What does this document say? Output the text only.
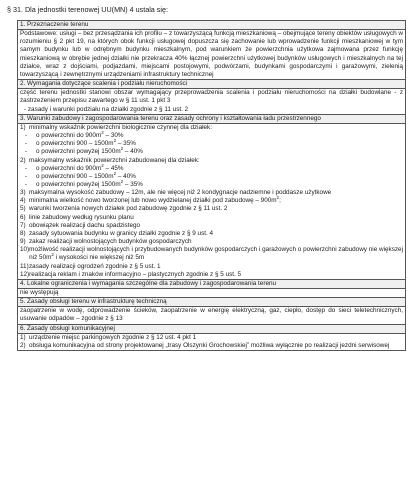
§ 31. Dla jednostki terenowej UU(MN) 4 ustala się:
1. Przeznaczenie terenu
Podstawowe: usługi – bez przesądzania ich profilu – z towarzyszącą funkcją mieszkaniową – obejmujące tereny obiektów usługowych w rozumieniu § 2 pkt 19, na których obok funkcji usługowej dopuszcza się zachowanie lub wprowadzenie funkcji mieszkaniowej w tym samym budynku lub w odrębnym budynku mieszkalnym, pod warunkiem że powierzchnia użytkowa zajmowana przez funkcję mieszkaniową w obrębie jednej działki nie przekracza 40% łącznej powierzchni użytkowej budynków usługowych i mieszkalnych na tej działce, wraz z dojściami, podjazdami, miejscami postojowymi, podwórzami, budynkami gospodarczymi i garażowymi, zielenią towarzyszącą i zewnętrznymi urządzeniami infrastruktury technicznej
2. Wymagania dotyczące scalenia i podziału nieruchomości

część terenu jednostki stanowi obszar wymagający przeprowadzenia scalenia i podziału nieruchomości na działki budowlane - z zastrzeżeniem przepisu zawartego w § 11 ust. 1 pkt 3
- zasady i warunki podziału na działki zgodnie z § 11 ust. 2

3. Warunki zabudowy i zagospodarowania terenu oraz zasady ochrony i kształtowania ładu przestrzennego

1) minimalny wskaźnik powierzchni biologicznie czynnej dla działek:
-	o powierzchni do $900m^2 - 30\%$
-	o powierzchni $900 - 1500m^2 - 35\%$
-	o powierzchni powyżej $1500m^2 - 40\%$
2) maksymalny wskaźnik powierzchni zabudowanej dla działek:
-	o powierzchni do $900m^2 - 45\%$
-	o powierzchni $900 - 1500m^2 - 40\%$
-	o powierzchni powyżej $1500m^2 - 35\%$
3) maksymalna wysokość zabudowy – 12m, ale nie więcej niż 2 kondygnacje nadziemne i poddasze użytkowe
4) minimalna wielkość nowo tworzonej lub nowo wydzielanej działki pod zabudowę – $900m^2$;
5) warunki tworzenia nowych działek pod zabudowę zgodnie z § 11 ust. 2
6) linie zabudowy według rysunku planu
7) obowiązek realizacji dachu spadzistego
8) zasady sytuowania budynku w granicy działki zgodnie z § 9 ust. 4
9) zakaz realizacji wolnostojących budynków gospodarczych
10) możliwość realizacji wolnostojących i przybudowanych budynków gospodarczych i garażowych o powierzchni zabudowy nie większej niż $50m^2$ i wysokości nie większej niż 5m
11) zasady realizacji ogrodzeń zgodnie z § 5 ust. 1
12) realizacja reklam i znaków informacyjno – plastycznych zgodnie z § 5 ust. 5

4. Lokalne ograniczenia i wymagania szczególne dla zabudowy i zagospodarowania terenu
nie występują
5. Zasady obsługi terenu w infrastrukturę techniczną
zaopatrzenie w wodę, odprowadzenie ścieków, zaopatrzenie w energię elektryczną, gaz, ciepło, dostęp do sieci teletechnicznych, usuwanie odpadów – zgodnie z § 13
6. Zasady obsługi komunikacyjnej

1) urządzenie miejsc parkingowych zgodnie z § 12 ust. 4 pkt 1
2) obsługa komunikacyjna od strony projektowanej „trasy Olszynki Grochowskiej” możliwa wyłącznie po realizacji jezdni serwisowej
